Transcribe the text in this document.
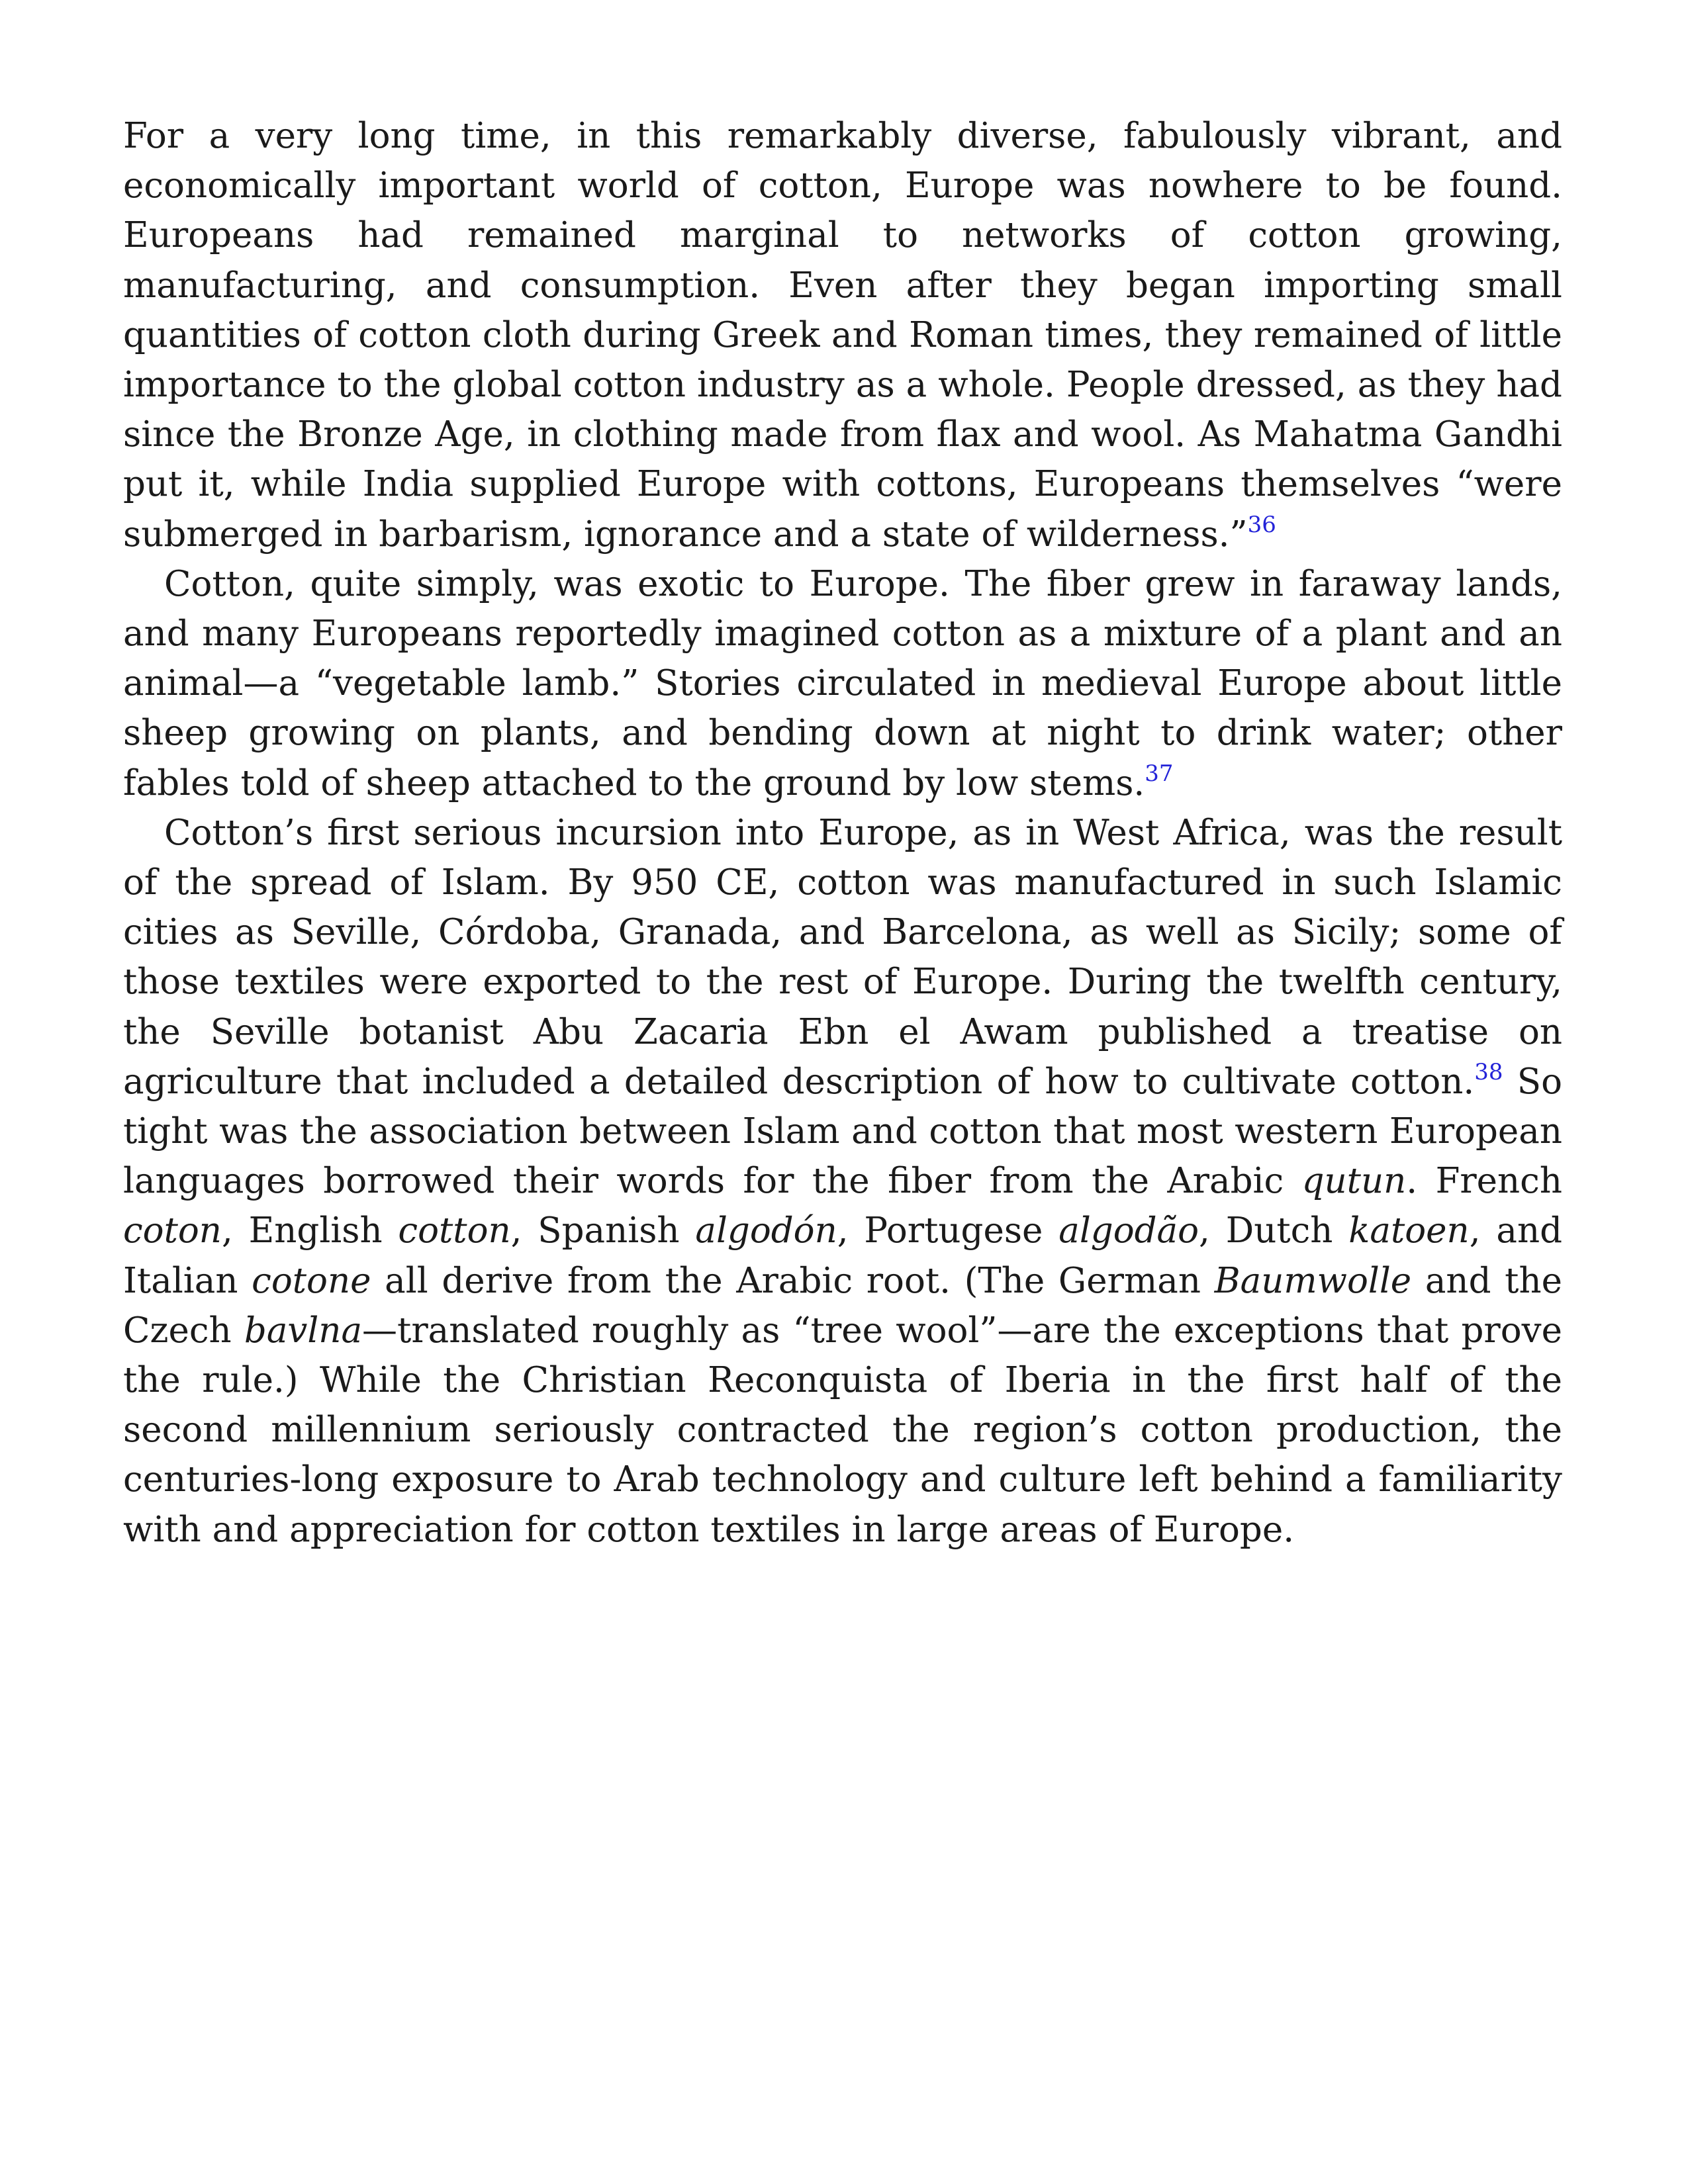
For a very long time, in this remarkably diverse, fabulously vibrant, and economically important world of cotton, Europe was nowhere to be found. Europeans had remained marginal to networks of cotton growing, manufacturing, and consumption. Even after they began importing small quantities of cotton cloth during Greek and Roman times, they remained of little importance to the global cotton industry as a whole. People dressed, as they had since the Bronze Age, in clothing made from flax and wool. As Mahatma Gandhi put it, while India supplied Europe with cottons, Europeans themselves “were submerged in barbarism, ignorance and a state of wilderness.”$^{36}$

Cotton, quite simply, was exotic to Europe. The fiber grew in faraway lands, and many Europeans reportedly imagined cotton as a mixture of a plant and an animal—a “vegetable lamb.” Stories circulated in medieval Europe about little sheep growing on plants, and bending down at night to drink water; other fables told of sheep attached to the ground by low stems.$^{37}$

Cotton’s first serious incursion into Europe, as in West Africa, was the result of the spread of Islam. By 950 CE, cotton was manufactured in such Islamic cities as Seville, Córdoba, Granada, and Barcelona, as well as Sicily; some of those textiles were exported to the rest of Europe. During the twelfth century, the Seville botanist Abu Zacaria Ebn el Awam published a treatise on agriculture that included a detailed description of how to cultivate cotton.$^{38}$ So tight was the association between Islam and cotton that most western European languages borrowed their words for the fiber from the Arabic qutun. French coton, English cotton, Spanish algodón, Portugese algodão, Dutch katoen, and Italian cotone all derive from the Arabic root. (The German Baumwolle and the Czech bavlna—translated roughly as “tree wool”—are the exceptions that prove the rule.) While the Christian Reconquista of Iberia in the first half of the second millennium seriously contracted the region’s cotton production, the centuries-long exposure to Arab technology and culture left behind a familiarity with and appreciation for cotton textiles in large areas of Europe.
